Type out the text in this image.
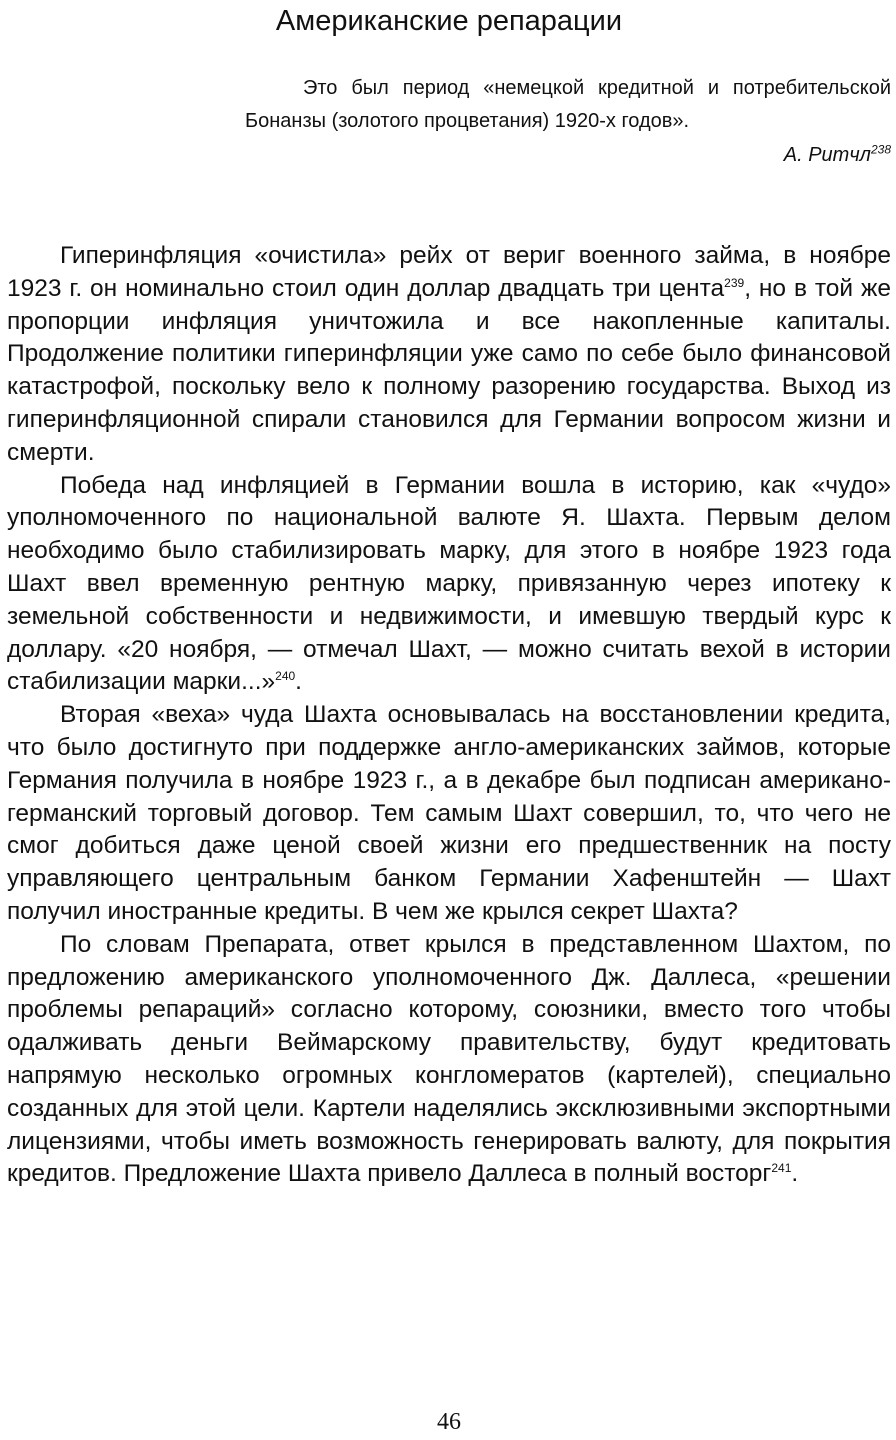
Американские репарации

Это был период «немецкой кредитной и потребительской Бонанзы (золотого процветания) 1920-х годов».

А. Ритчл$^{238}$

Гиперинфляция «очистила» рейх от вериг военного займа, в ноябре 1923 г. он номинально стоил один доллар двадцать три цента$^{239}$, но в той же пропорции инфляция уничтожила и все накопленные капиталы. Продолжение политики гиперинфляции уже само по себе было финансовой катастрофой, поскольку вело к полному разорению государства. Выход из гиперинфляционной спирали становился для Германии вопросом жизни и смерти.

Победа над инфляцией в Германии вошла в историю, как «чудо» уполномоченного по национальной валюте Я. Шахта. Первым делом необходимо было стабилизировать марку, для этого в ноябре 1923 года Шахт ввел временную рентную марку, привязанную через ипотеку к земельной собственности и недвижимости, и имевшую твердый курс к доллару. «20 ноября, — отмечал Шахт, — можно считать вехой в истории стабилизации марки...»$^{240}$.

Вторая «веха» чуда Шахта основывалась на восстановлении кредита, что было достигнуто при поддержке англо-американских займов, которые Германия получила в ноябре 1923 г., а в декабре был подписан американо-германский торговый договор. Тем самым Шахт совершил, то, что чего не смог добиться даже ценой своей жизни его предшественник на посту управляющего центральным банком Германии Хафенштейн — Шахт получил иностранные кредиты. В чем же крылся секрет Шахта?

По словам Препарата, ответ крылся в представленном Шахтом, по предложению американского уполномоченного Дж. Даллеса, «решении проблемы репараций» согласно которому, союзники, вместо того чтобы одалживать деньги Веймарскому правительству, будут кредитовать напрямую несколько огромных конгломератов (картелей), специально созданных для этой цели. Картели наделялись эксклюзивными экспортными лицензиями, чтобы иметь возможность генерировать валюту, для покрытия кредитов. Предложение Шахта привело Даллеса в полный восторг$^{241}$.

46
